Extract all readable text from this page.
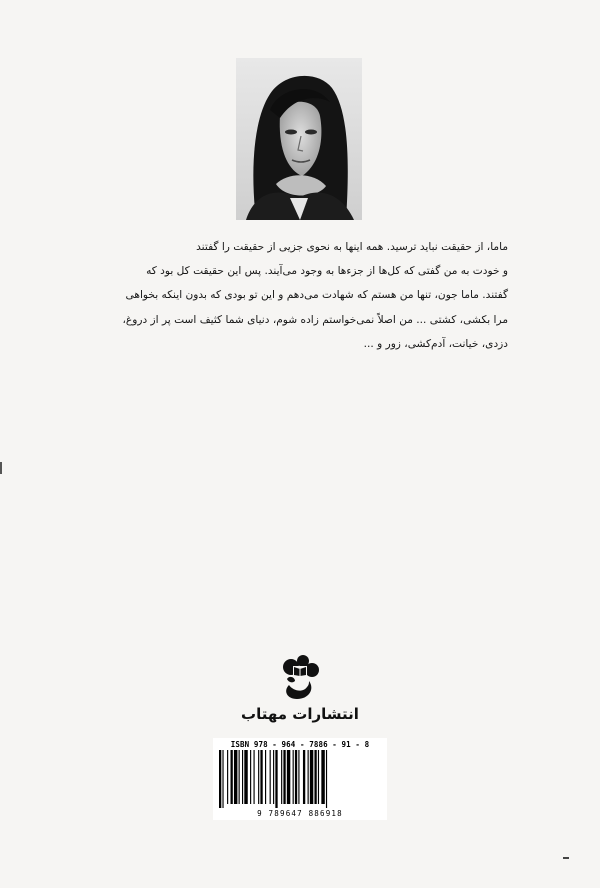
ماما، از حقیقت نباید ترسید. همه اینها به نحوی جزیی از حقیقت را گفتند
و خودت به من گفتی که کل‌ها از جزء‌ها به وجود می‌آیند. پس این حقیقت کل بود که
گفتند. ماما جون، تنها من هستم که شهادت می‌دهم و این تو بودی که بدون اینکه بخواهی
مرا بکشی، کشتی ... من اصلاً نمی‌خواستم زاده شوم، دنیای شما کثیف است پر از دروغ،
دزدی، خیانت، آدم‌کشی، زور و ...
انتشارات مهتاب
ISBN 978 - 964 - 7886 - 91 - 8
9 789647 886918
